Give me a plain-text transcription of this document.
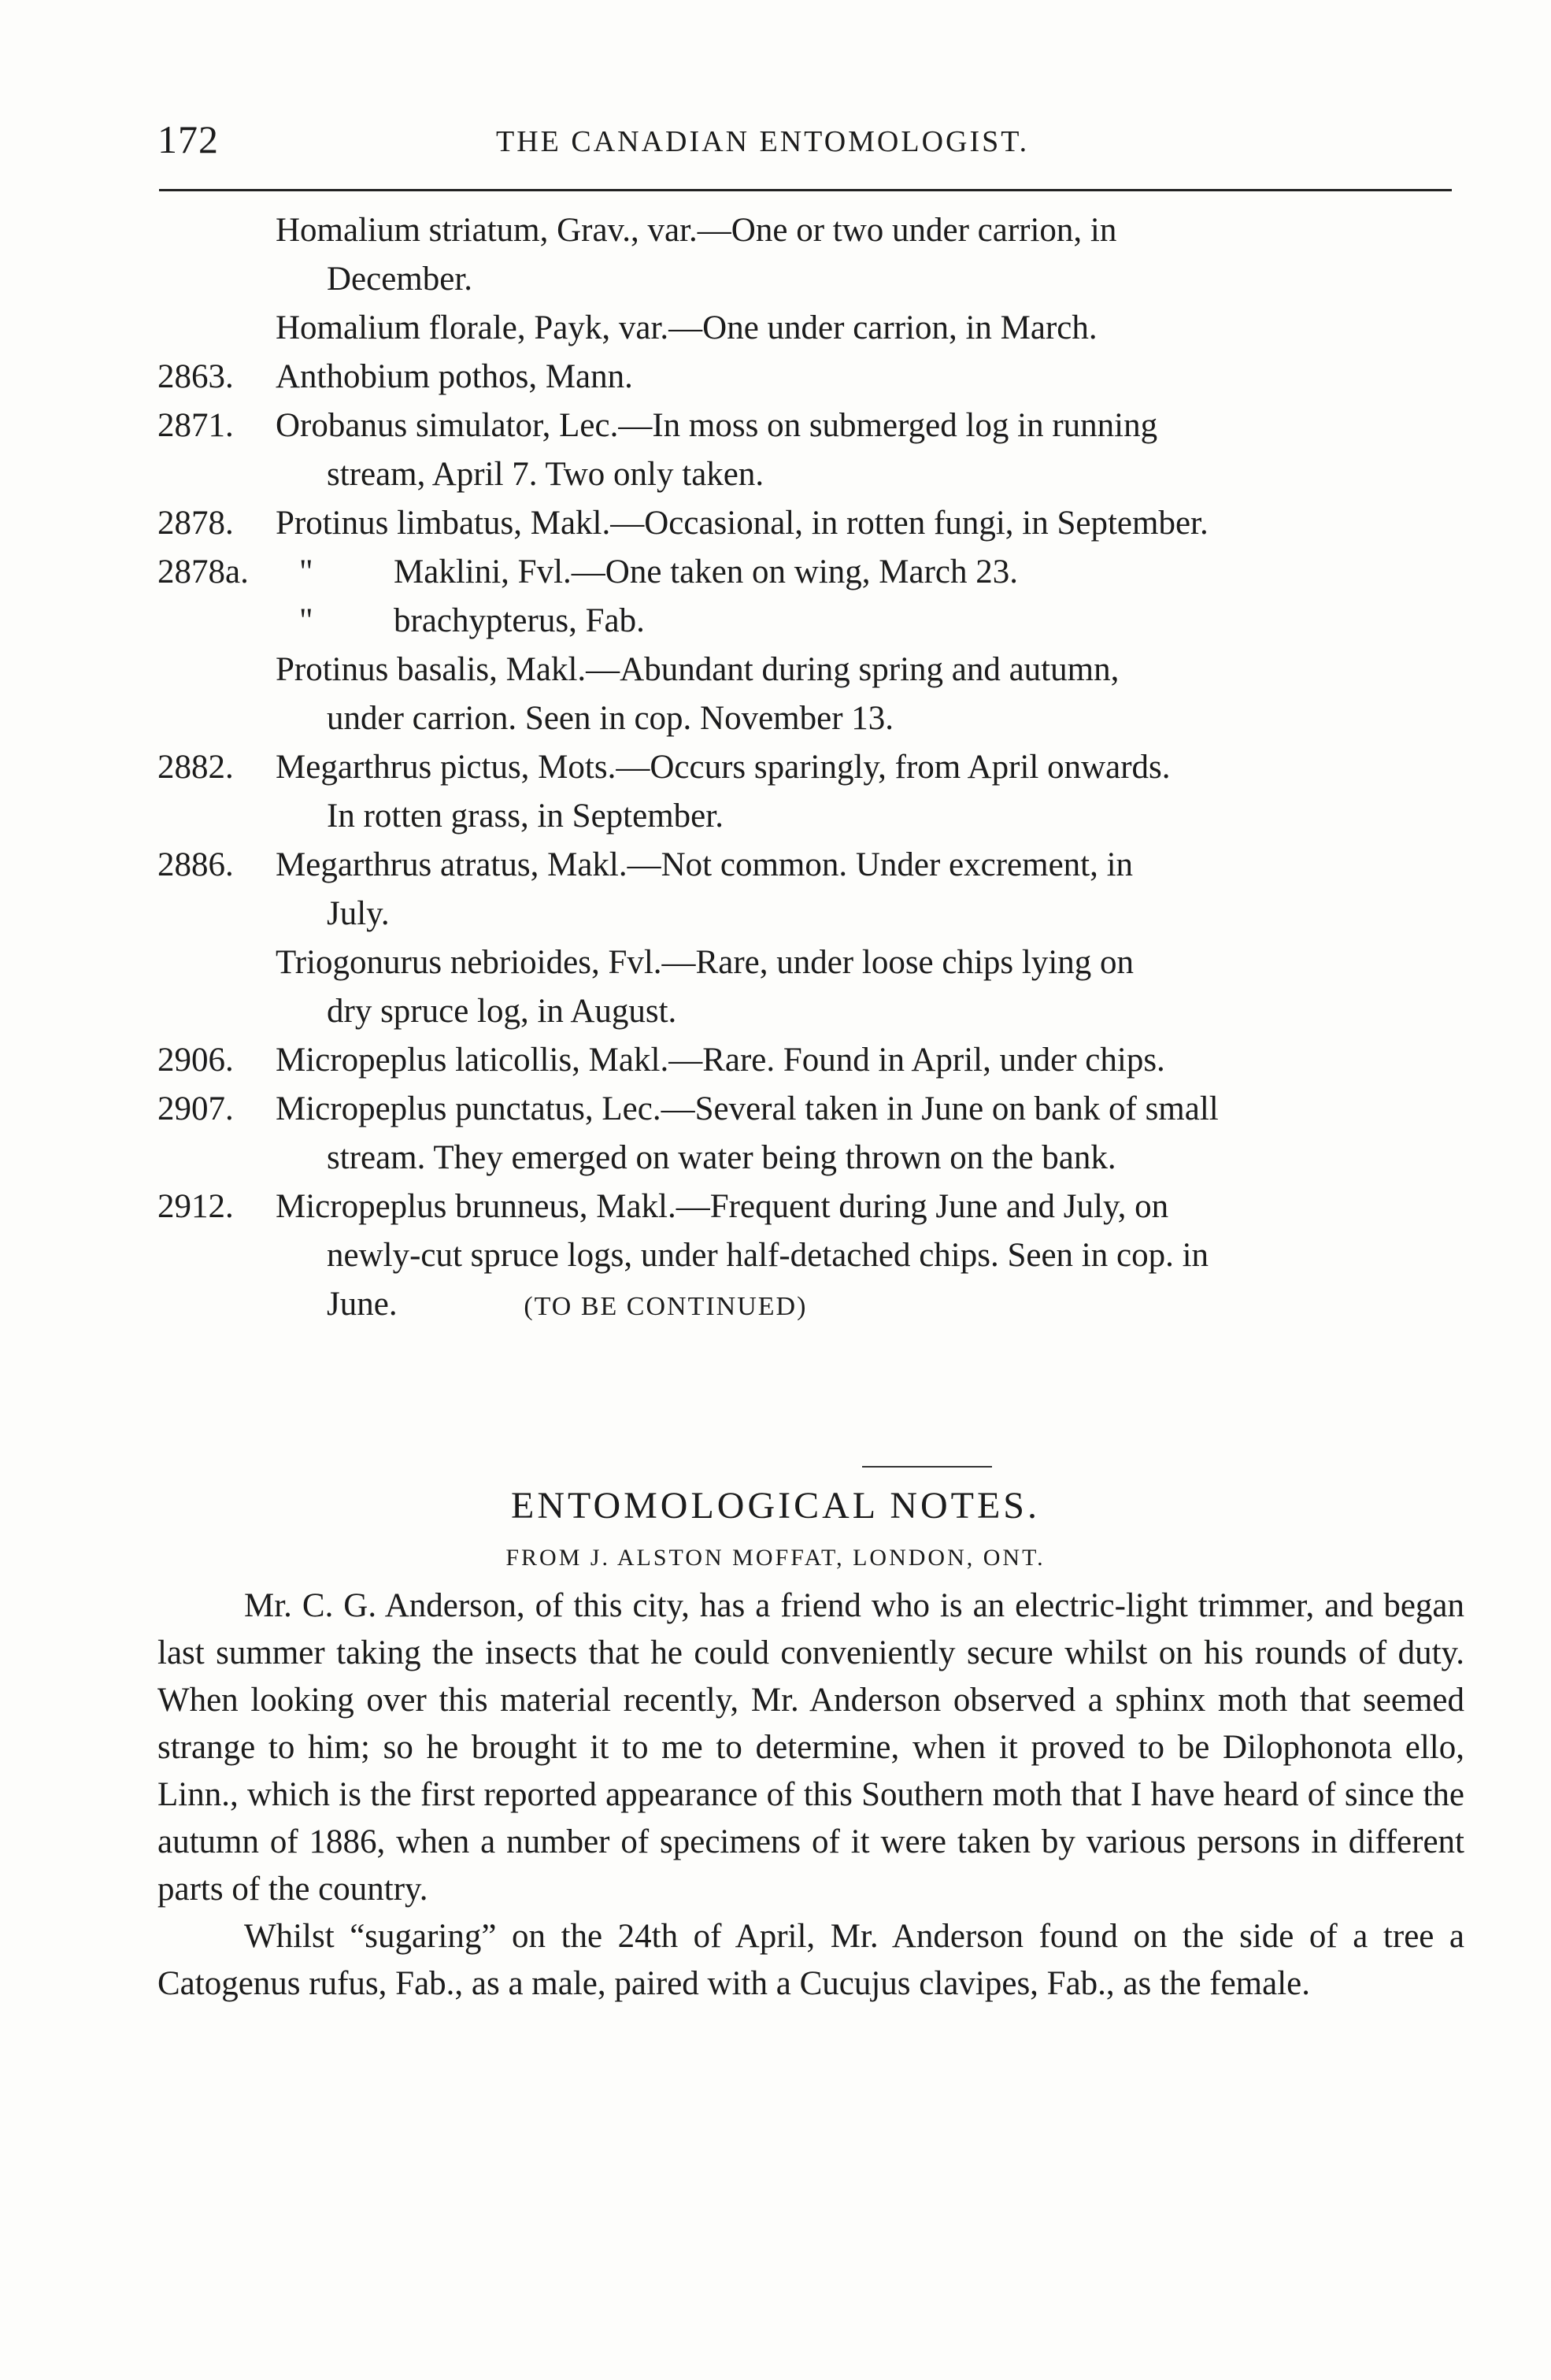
172	THE CANADIAN ENTOMOLOGIST.

Homalium striatum, Grav., var.—One or two under carrion, in
December.

Homalium florale, Payk, var.—One under carrion, in March.

2863.	Anthobium pothos, Mann.

2871.	Orobanus simulator, Lec.—In moss on submerged log in running
stream, April 7. Two only taken.

2878.	Protinus limbatus, Makl.—Occasional, in rotten fungi, in September.

2878a.	" Maklini, Fvl.—One taken on wing, March 23.

" brachypterus, Fab.

Protinus basalis, Makl.—Abundant during spring and autumn,
under carrion. Seen in cop. November 13.

2882.	Megarthrus pictus, Mots.—Occurs sparingly, from April onwards.
In rotten grass, in September.

2886.	Megarthrus atratus, Makl.—Not common. Under excrement, in
July.

Triogonurus nebrioides, Fvl.—Rare, under loose chips lying on
dry spruce log, in August.

2906.	Micropeplus laticollis, Makl.—Rare. Found in April, under chips.

2907.	Micropeplus punctatus, Lec.—Several taken in June on bank of small
stream. They emerged on water being thrown on the bank.

2912.	Micropeplus brunneus, Makl.—Frequent during June and July, on
newly-cut spruce logs, under half-detached chips. Seen in cop. in
June.	(TO BE CONTINUED)

ENTOMOLOGICAL NOTES.
FROM J. ALSTON MOFFAT, LONDON, ONT.

Mr. C. G. Anderson, of this city, has a friend who is an electric-light trimmer, and began last summer taking the insects that he could conveniently secure whilst on his rounds of duty. When looking over this material recently, Mr. Anderson observed a sphinx moth that seemed strange to him; so he brought it to me to determine, when it proved to be Dilophonota ello, Linn., which is the first reported appearance of this Southern moth that I have heard of since the autumn of 1886, when a number of specimens of it were taken by various persons in different parts of the country.

Whilst “sugaring” on the 24th of April, Mr. Anderson found on the side of a tree a Catogenus rufus, Fab., as a male, paired with a Cucujus clavipes, Fab., as the female.
